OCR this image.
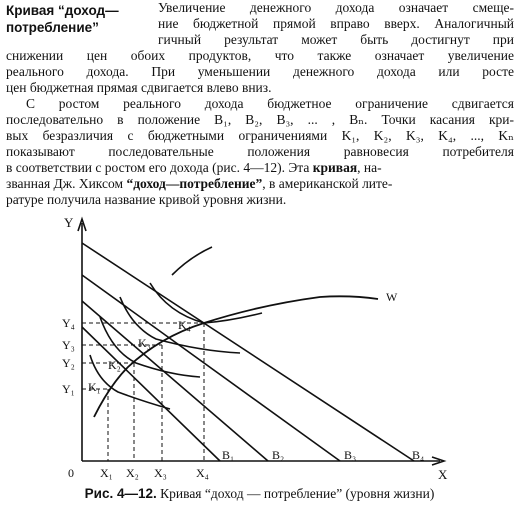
Кривая “доход—
потребление”
Увеличение денежного дохода означает смеще-
ние бюджетной прямой вправо вверх. Аналогичный
гичный результат может быть достигнут при
снижении цен обоих продуктов, что также означает увеличение
реального дохода. При уменьшении денежного дохода или росте
цен бюджетная прямая сдвигается влево вниз.
С ростом реального дохода бюджетное ограничение сдвигается
последовательно в положение B₁, B₂, B₃, ... , Bₙ. Точки касания кри-
вых безразличия с бюджетными ограничениями K₁, K₂, K₃, K₄, ..., Kₙ
показывают последовательные положения равновесия потребителя
в соответствии с ростом его дохода (рис. 4—12). Эта кривая, на-
званная Дж. Хиксом “доход—потребление”, в американской лите-
ратуре получила название кривой уровня жизни.
Y
X
0
W
Y₁
Y₂
Y₃
Y₄
X₁ X₂ X₃ X₄
K₁
K₂
K₃
K₄
B₁	B₂	B₃	B₄
Рис. 4—12. Кривая “доход — потребление” (уровня жизни)
